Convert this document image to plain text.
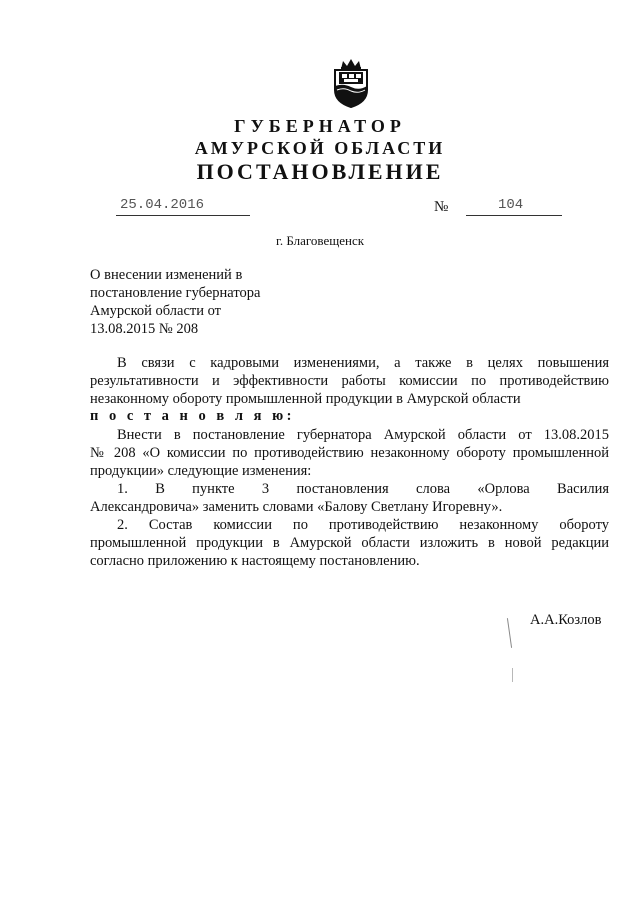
ГУБЕРНАТОР
АМУРСКОЙ ОБЛАСТИ
ПОСТАНОВЛЕНИЕ
25.04.2016	№	104
г. Благовещенск
О внесении изменений в
постановление губернатора
Амурской области от
13.08.2015 № 208
В связи с кадровыми изменениями, а также в целях повышения
результативности и эффективности работы комиссии по противодействию
незаконному обороту промышленной продукции в Амурской области
п о с т а н о в л я ю:
Внести в постановление губернатора Амурской области от 13.08.2015
№ 208 «О комиссии по противодействию незаконному обороту промышленной
продукции» следующие изменения:
1. В пункте 3 постановления слова «Орлова Василия
Александровича» заменить словами «Балову Светлану Игоревну».
2. Состав комиссии по противодействию незаконному обороту
промышленной продукции в Амурской области изложить в новой редакции
согласно приложению к настоящему постановлению.
А.А.Козлов
